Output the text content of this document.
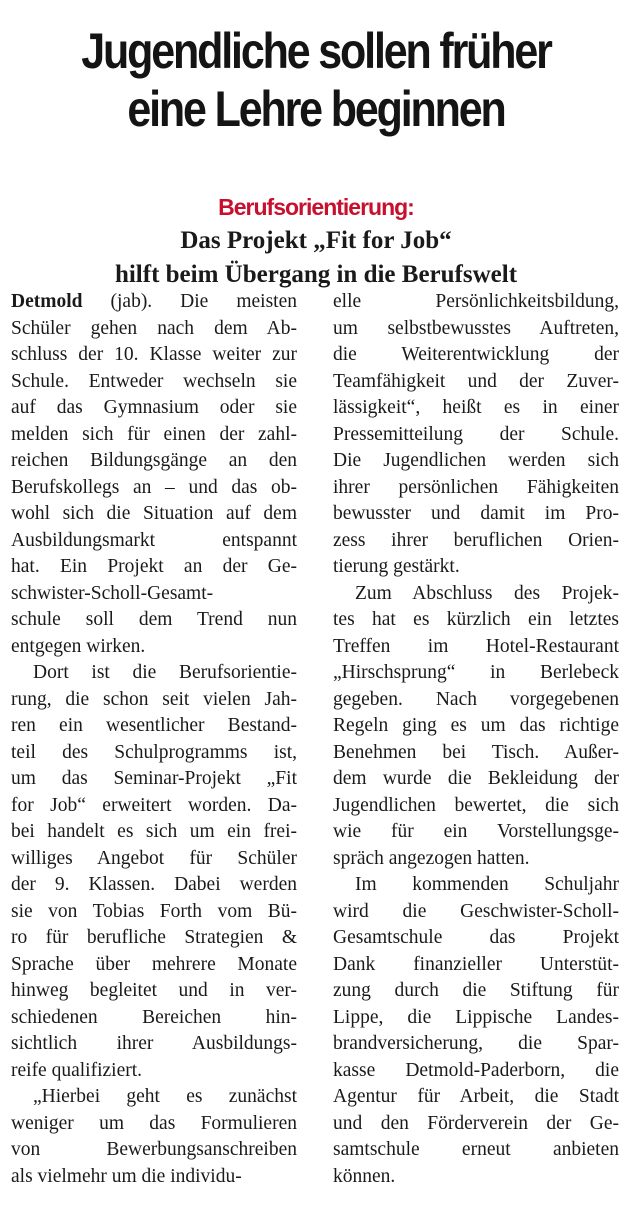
Jugendliche sollen früher
eine Lehre beginnen
Berufsorientierung:
Das Projekt „Fit for Job“
hilft beim Übergang in die Berufswelt

Detmold (jab). Die meisten
Schüler gehen nach dem Ab-
schluss der 10. Klasse weiter zur
Schule. Entweder wechseln sie
auf das Gymnasium oder sie
melden sich für einen der zahl-
reichen Bildungsgänge an den
Berufskollegs an – und das ob-
wohl sich die Situation auf dem
Ausbildungsmarkt entspannt
hat. Ein Projekt an der Ge-
schwister-Scholl-Gesamt-
schule soll dem Trend nun
entgegen wirken.

Dort ist die Berufsorientie-
rung, die schon seit vielen Jah-
ren ein wesentlicher Bestand-
teil des Schulprogramms ist,
um das Seminar-Projekt „Fit
for Job“ erweitert worden. Da-
bei handelt es sich um ein frei-
williges Angebot für Schüler
der 9. Klassen. Dabei werden
sie von Tobias Forth vom Bü-
ro für berufliche Strategien &
Sprache über mehrere Monate
hinweg begleitet und in ver-
schiedenen Bereichen hin-
sichtlich ihrer Ausbildungs-
reife qualifiziert.

„Hierbei geht es zunächst
weniger um das Formulieren
von Bewerbungsanschreiben
als vielmehr um die individu-

elle Persönlichkeitsbildung,
um selbstbewusstes Auftreten,
die Weiterentwicklung der
Teamfähigkeit und der Zuver-
lässigkeit“, heißt es in einer
Pressemitteilung der Schule.
Die Jugendlichen werden sich
ihrer persönlichen Fähigkeiten
bewusster und damit im Pro-
zess ihrer beruflichen Orien-
tierung gestärkt.

Zum Abschluss des Projek-
tes hat es kürzlich ein letztes
Treffen im Hotel-Restaurant
„Hirschsprung“ in Berlebeck
gegeben. Nach vorgegebenen
Regeln ging es um das richtige
Benehmen bei Tisch. Außer-
dem wurde die Bekleidung der
Jugendlichen bewertet, die sich
wie für ein Vorstellungsge-
spräch angezogen hatten.

Im kommenden Schuljahr
wird die Geschwister-Scholl-
Gesamtschule das Projekt
Dank finanzieller Unterstüt-
zung durch die Stiftung für
Lippe, die Lippische Landes-
brandversicherung, die Spar-
kasse Detmold-Paderborn, die
Agentur für Arbeit, die Stadt
und den Förderverein der Ge-
samtschule erneut anbieten
können.
